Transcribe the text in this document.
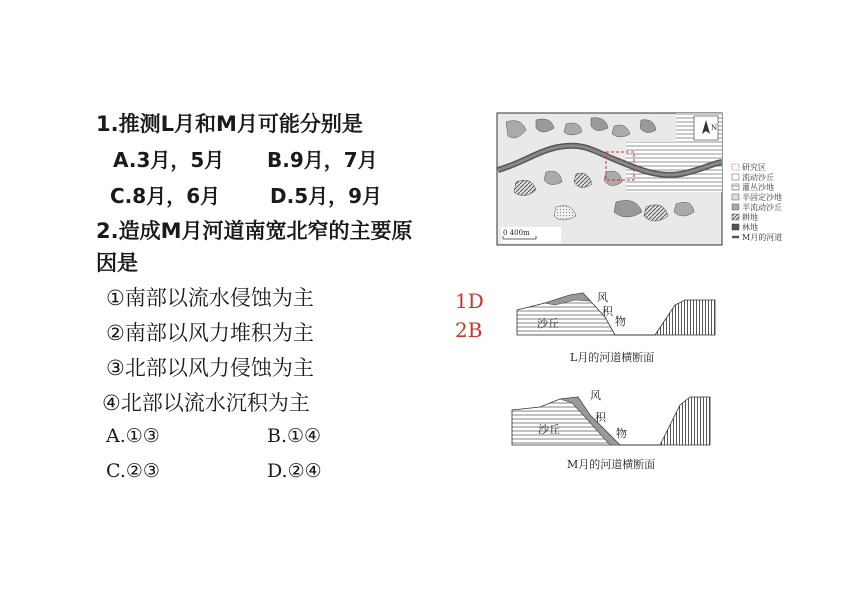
1.推测L月和M月可能分别是
A.3月，5月 B.9月，7月
C.8月，6月 D.5月，9月
2.造成M月河道南宽北窄的主要原
因是
①南部以流水侵蚀为主
②南部以风力堆积为主
③北部以风力侵蚀为主
④北部以流水沉积为主
A.①③	B.①④
C.②③	D.②④
1D
2B
N
0 400m
研究区
流动沙丘
灌丛沙地
半固定沙地
半流动沙丘
耕地
林地
M月的河道
沙丘
风
积
物
L月的河道横断面
沙丘
风
积
物
M月的河道横断面
